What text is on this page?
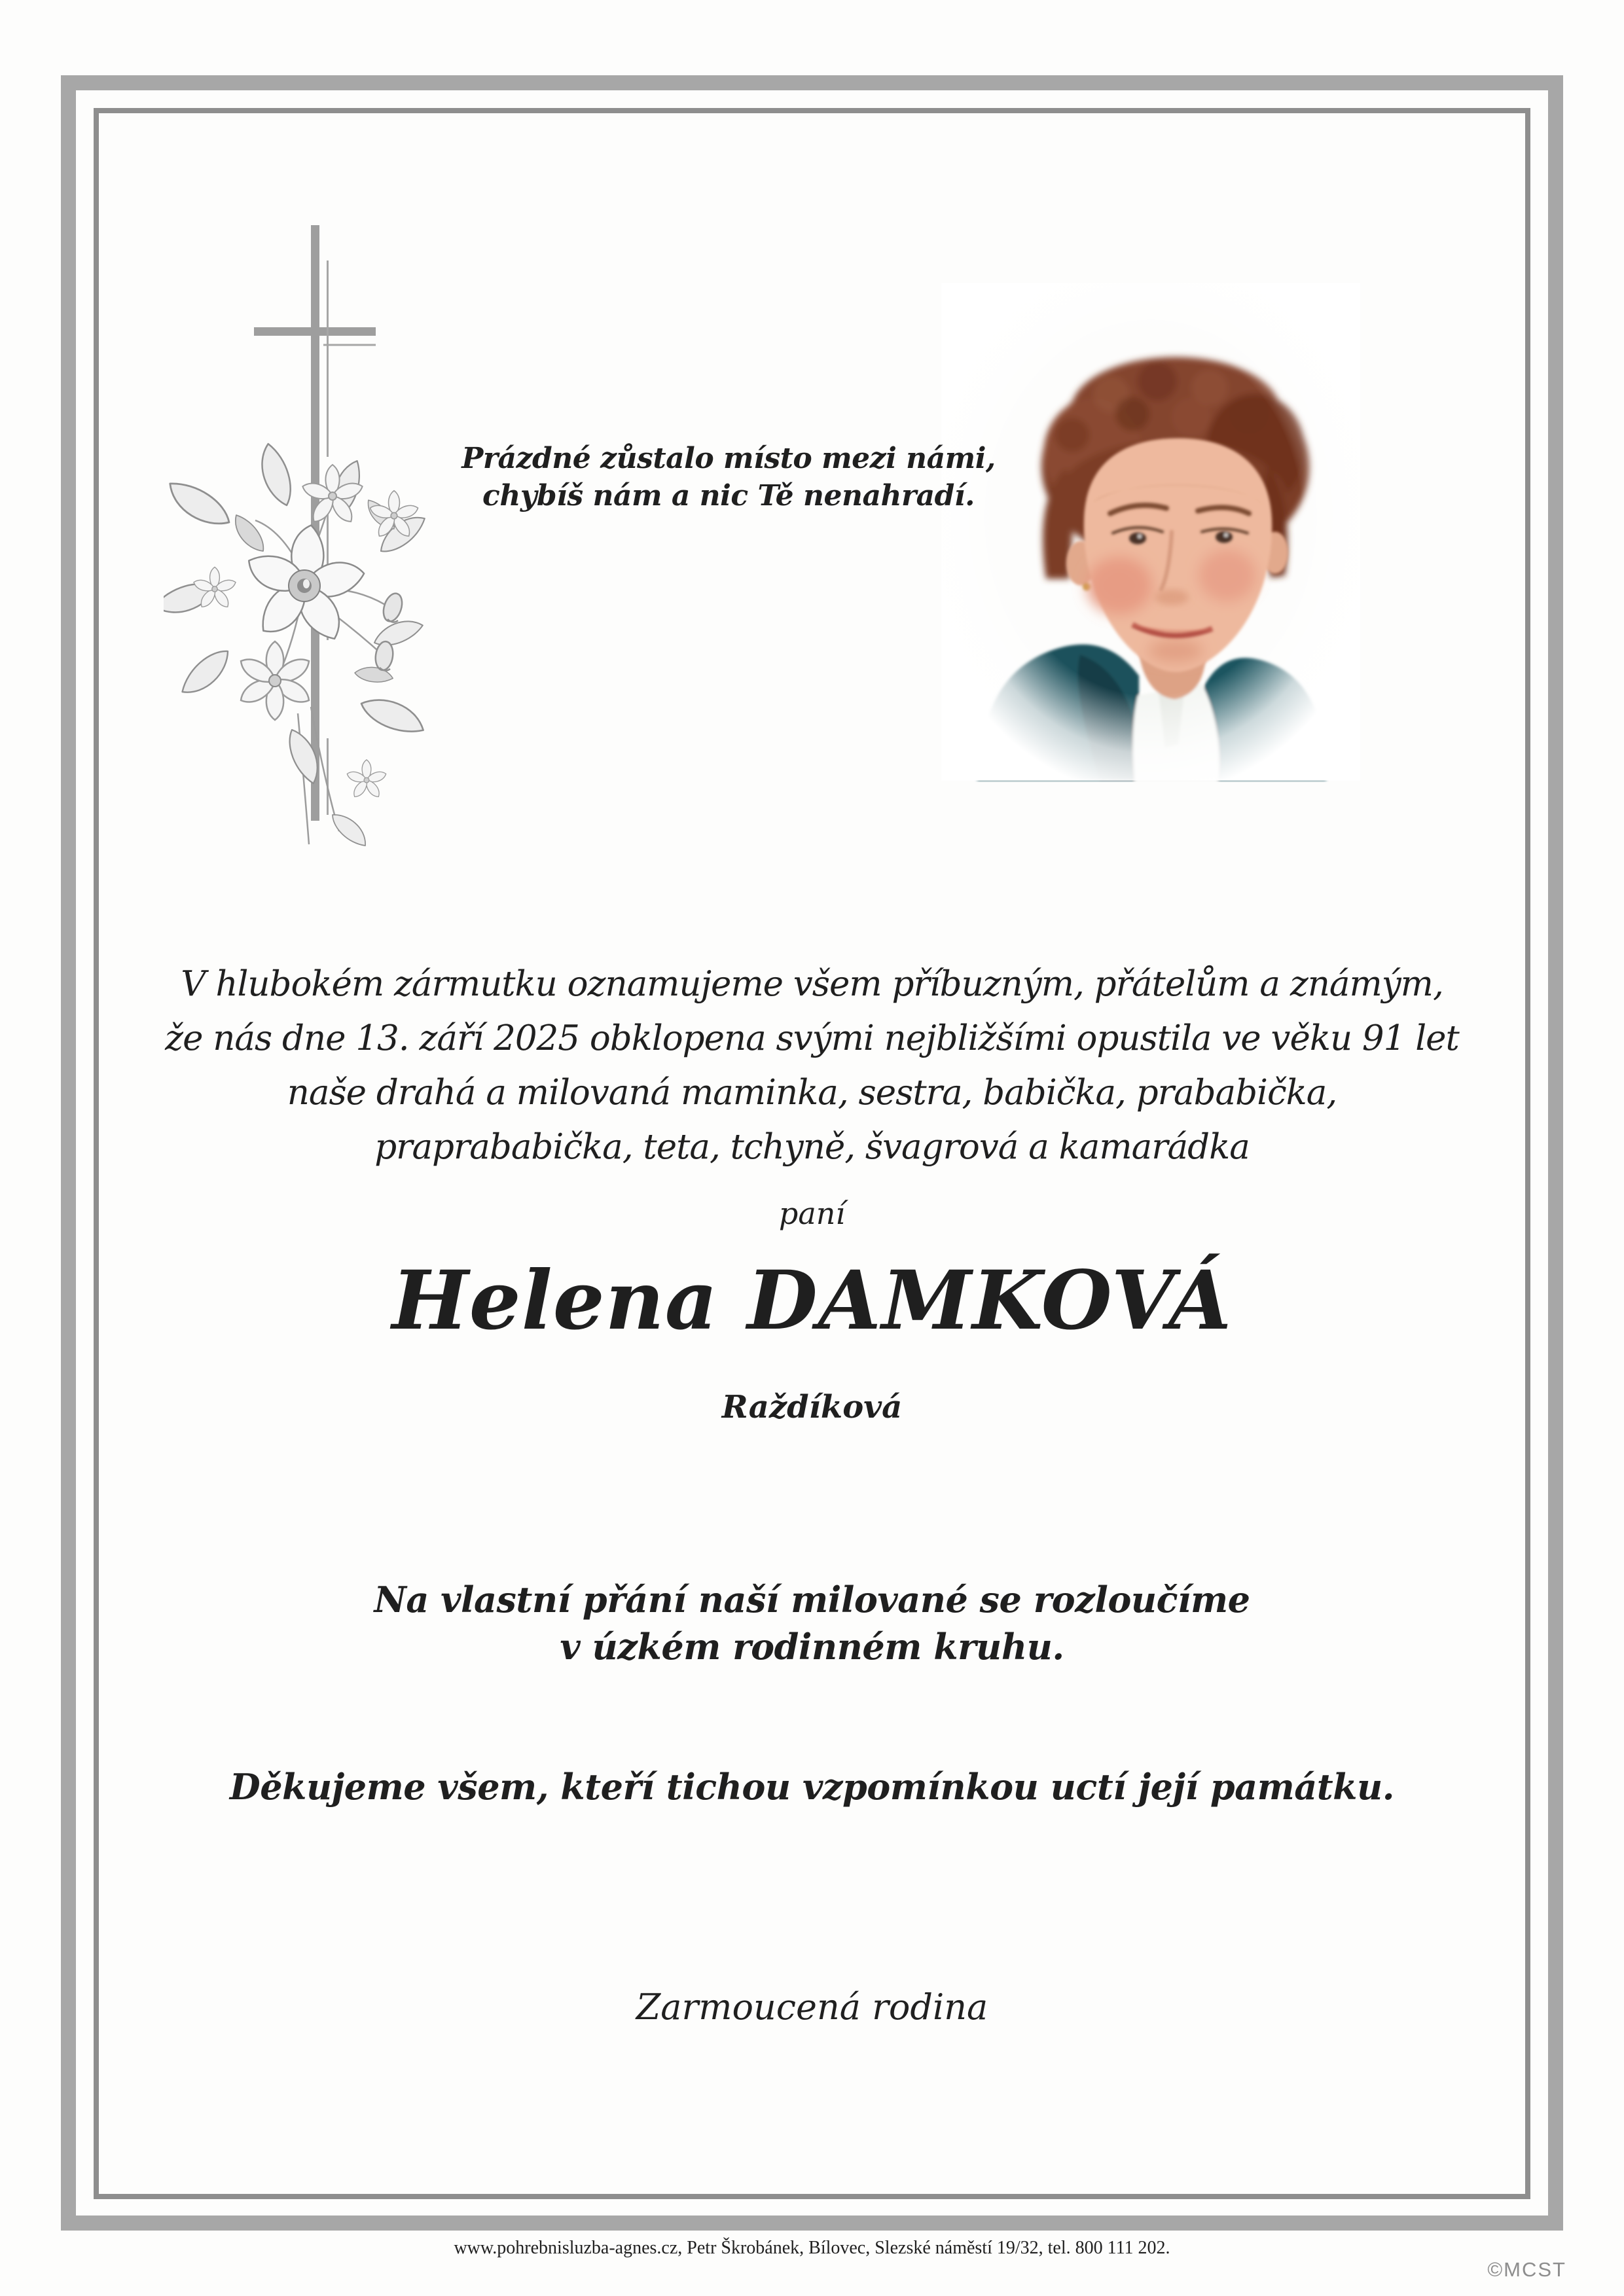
Prázdné zůstalo místo mezi námi,
chybíš nám a nic Tě nenahradí.
V hlubokém zármutku oznamujeme všem příbuzným, přátelům a známým,
že nás dne 13. září 2025 obklopena svými nejbližšími opustila ve věku 91 let
naše drahá a milovaná maminka, sestra, babička, prababička,
praprababička, teta, tchyně, švagrová a kamarádka
paní
Helena DAMKOVÁ
Raždíková
Na vlastní přání naší milované se rozloučíme
v úzkém rodinném kruhu.
Děkujeme všem, kteří tichou vzpomínkou uctí její památku.
Zarmoucená rodina
www.pohrebnisluzba-agnes.cz, Petr Škrobánek, Bílovec, Slezské náměstí 19/32, tel. 800 111 202.
©MCST
